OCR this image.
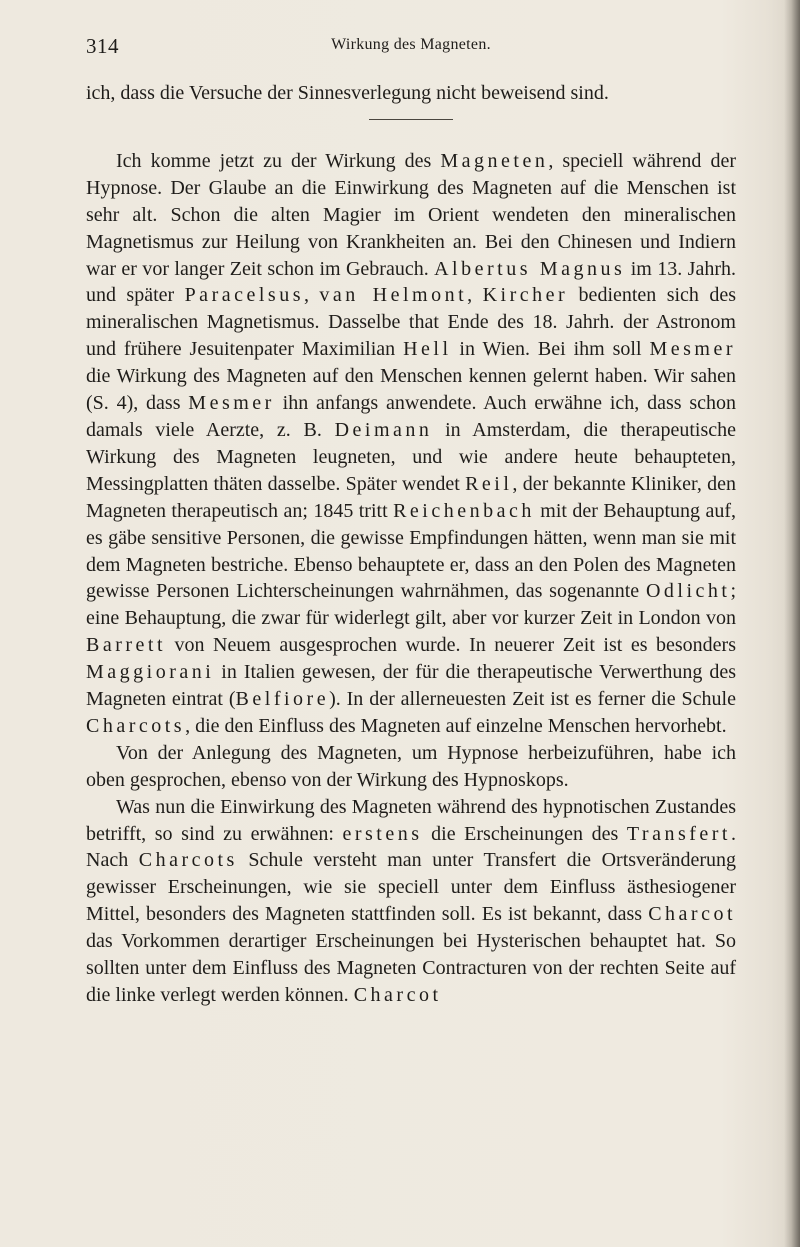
314	Wirkung des Magneten.

ich, dass die Versuche der Sinnesverlegung nicht beweisend sind.

Ich komme jetzt zu der Wirkung des Magneten, speciell während der Hypnose. Der Glaube an die Einwirkung des Magneten auf die Menschen ist sehr alt. Schon die alten Magier im Orient wendeten den mineralischen Magnetismus zur Heilung von Krankheiten an. Bei den Chinesen und Indiern war er vor langer Zeit schon im Gebrauch. Albertus Magnus im 13. Jahrh. und später Paracelsus, van Helmont, Kircher bedienten sich des mineralischen Magnetismus. Dasselbe that Ende des 18. Jahrh. der Astronom und frühere Jesuitenpater Maximilian Hell in Wien. Bei ihm soll Mesmer die Wirkung des Magneten auf den Menschen kennen gelernt haben. Wir sahen (S. 4), dass Mesmer ihn anfangs anwendete. Auch erwähne ich, dass schon damals viele Aerzte, z. B. Deimann in Amsterdam, die therapeutische Wirkung des Magneten leugneten, und wie andere heute behaupteten, Messingplatten thäten dasselbe. Später wendet Reil, der bekannte Kliniker, den Magneten therapeutisch an; 1845 tritt Reichenbach mit der Behauptung auf, es gäbe sensitive Personen, die gewisse Empfindungen hätten, wenn man sie mit dem Magneten bestriche. Ebenso behauptete er, dass an den Polen des Magneten gewisse Personen Lichterscheinungen wahrnähmen, das sogenannte Odlicht; eine Behauptung, die zwar für widerlegt gilt, aber vor kurzer Zeit in London von Barrett von Neuem ausgesprochen wurde. In neuerer Zeit ist es besonders Maggiorani in Italien gewesen, der für die therapeutische Verwerthung des Magneten eintrat (Belfiore). In der allerneuesten Zeit ist es ferner die Schule Charcots, die den Einfluss des Magneten auf einzelne Menschen hervorhebt.

Von der Anlegung des Magneten, um Hypnose herbeizuführen, habe ich oben gesprochen, ebenso von der Wirkung des Hypnoskops.

Was nun die Einwirkung des Magneten während des hypnotischen Zustandes betrifft, so sind zu erwähnen: erstens die Erscheinungen des Transfert. Nach Charcots Schule versteht man unter Transfert die Ortsveränderung gewisser Erscheinungen, wie sie speciell unter dem Einfluss ästhesiogener Mittel, besonders des Magneten stattfinden soll. Es ist bekannt, dass Charcot das Vorkommen derartiger Erscheinungen bei Hysterischen behauptet hat. So sollten unter dem Einfluss des Magneten Contracturen von der rechten Seite auf die linke verlegt werden können. Charcot
